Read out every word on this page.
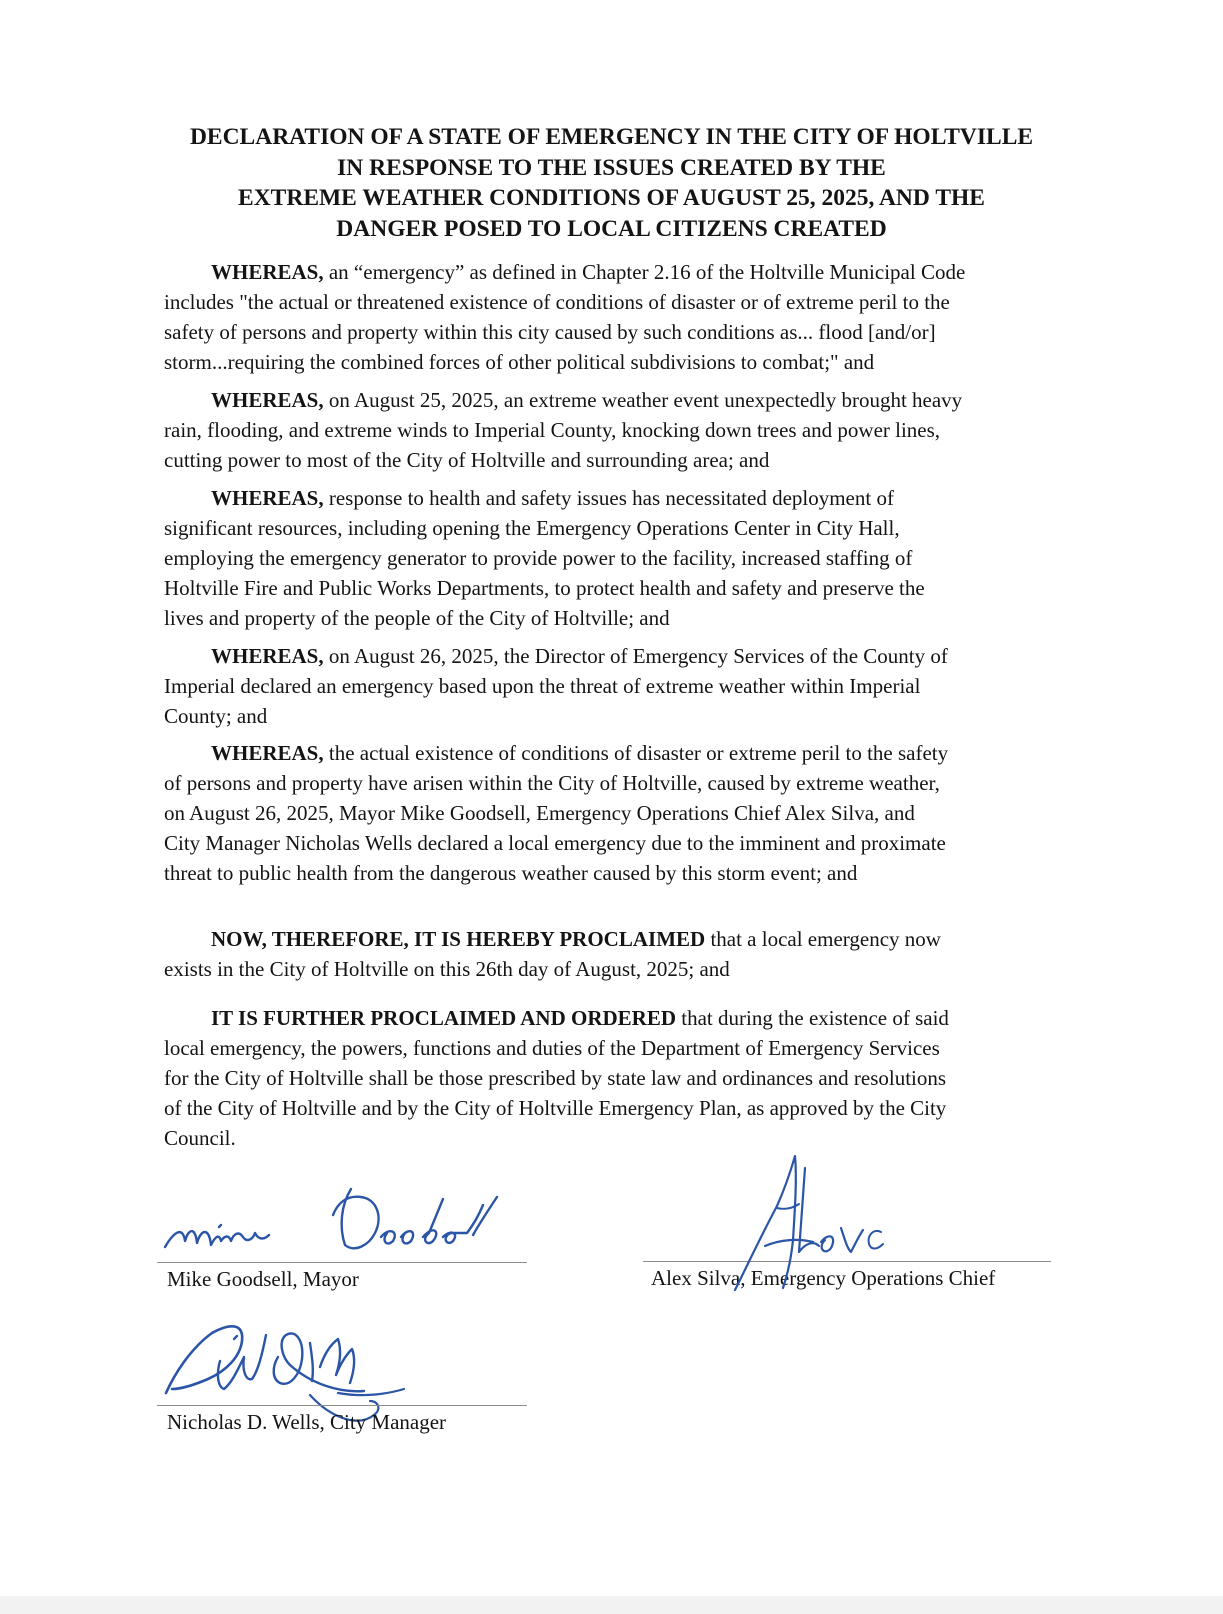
DECLARATION OF A STATE OF EMERGENCY IN THE CITY OF HOLTVILLE
IN RESPONSE TO THE ISSUES CREATED BY THE
EXTREME WEATHER CONDITIONS OF AUGUST 25, 2025, AND THE
DANGER POSED TO LOCAL CITIZENS CREATED
WHEREAS, an “emergency” as defined in Chapter 2.16 of the Holtville Municipal Code
includes "the actual or threatened existence of conditions of disaster or of extreme peril to the
safety of persons and property within this city caused by such conditions as... flood [and/or]
storm...requiring the combined forces of other political subdivisions to combat;" and
WHEREAS, on August 25, 2025, an extreme weather event unexpectedly brought heavy
rain, flooding, and extreme winds to Imperial County, knocking down trees and power lines,
cutting power to most of the City of Holtville and surrounding area; and
WHEREAS, response to health and safety issues has necessitated deployment of
significant resources, including opening the Emergency Operations Center in City Hall,
employing the emergency generator to provide power to the facility, increased staffing of
Holtville Fire and Public Works Departments, to protect health and safety and preserve the
lives and property of the people of the City of Holtville; and
WHEREAS, on August 26, 2025, the Director of Emergency Services of the County of
Imperial declared an emergency based upon the threat of extreme weather within Imperial
County; and
WHEREAS, the actual existence of conditions of disaster or extreme peril to the safety
of persons and property have arisen within the City of Holtville, caused by extreme weather,
on August 26, 2025, Mayor Mike Goodsell, Emergency Operations Chief Alex Silva, and
City Manager Nicholas Wells declared a local emergency due to the imminent and proximate
threat to public health from the dangerous weather caused by this storm event; and
NOW, THEREFORE, IT IS HEREBY PROCLAIMED that a local emergency now
exists in the City of Holtville on this 26th day of August, 2025; and
IT IS FURTHER PROCLAIMED AND ORDERED that during the existence of said
local emergency, the powers, functions and duties of the Department of Emergency Services
for the City of Holtville shall be those prescribed by state law and ordinances and resolutions
of the City of Holtville and by the City of Holtville Emergency Plan, as approved by the City
Council.
Mike Goodsell, Mayor	Alex Silva, Emergency Operations Chief
Nicholas D. Wells, City Manager
